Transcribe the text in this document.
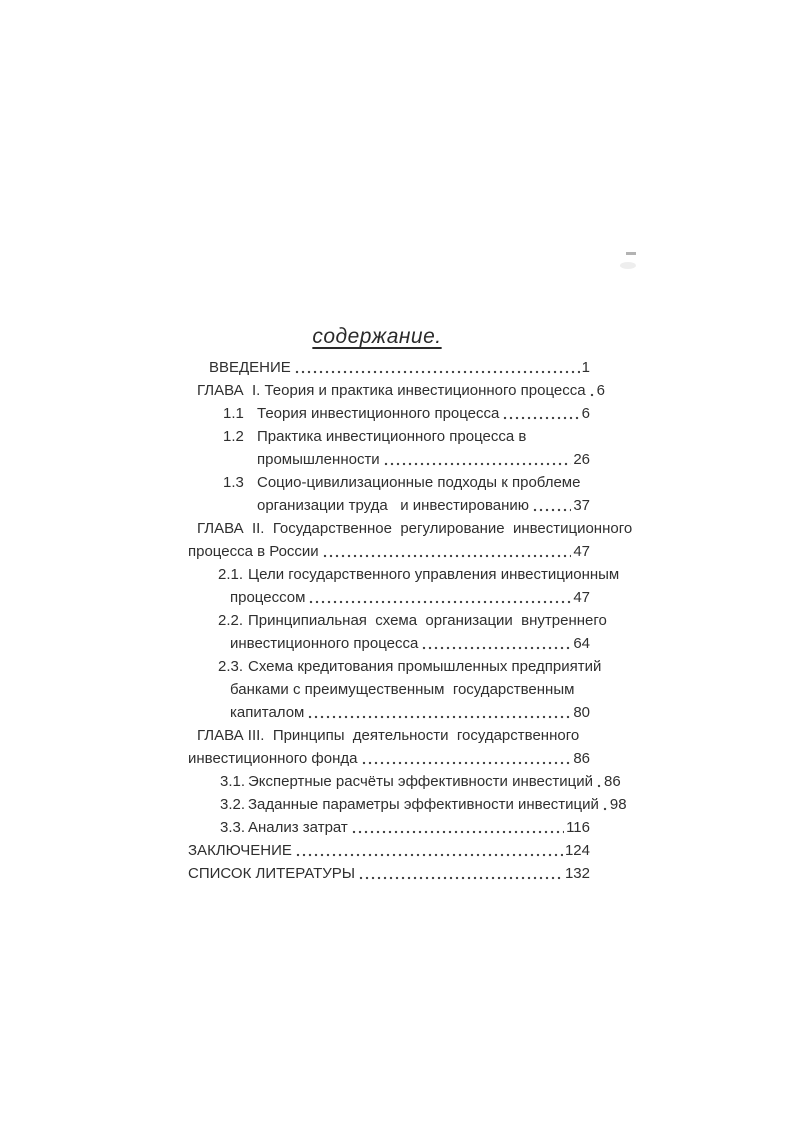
содержание.
ВВЕДЕНИЕ	1
ГЛАВА  I. Теория и практика инвестиционного процесса 6
1.1 Теория инвестиционного процесса	6
1.2 Практика инвестиционного процесса в
промышленности	26
1.3 Социо-цивилизационные подходы к проблеме
организации труда   и инвестированию	37
ГЛАВА  II.  Государственное  регулирование  инвестиционного
процесса в России	47
2.1. Цели государственного управления инвестиционным
процессом	47
2.2. Принципиальная  схема  организации  внутреннего
инвестиционного процесса	64
2.3. Схема кредитования промышленных предприятий
банками с преимущественным  государственным
капиталом	80
ГЛАВА III.  Принципы  деятельности  государственного
инвестиционного фонда	86
3.1. Экспертные расчёты эффективности инвестиций 86
3.2. Заданные параметры эффективности инвестиций 98
3.3. Анализ затрат	116
ЗАКЛЮЧЕНИЕ	124
СПИСОК ЛИТЕРАТУРЫ	132
